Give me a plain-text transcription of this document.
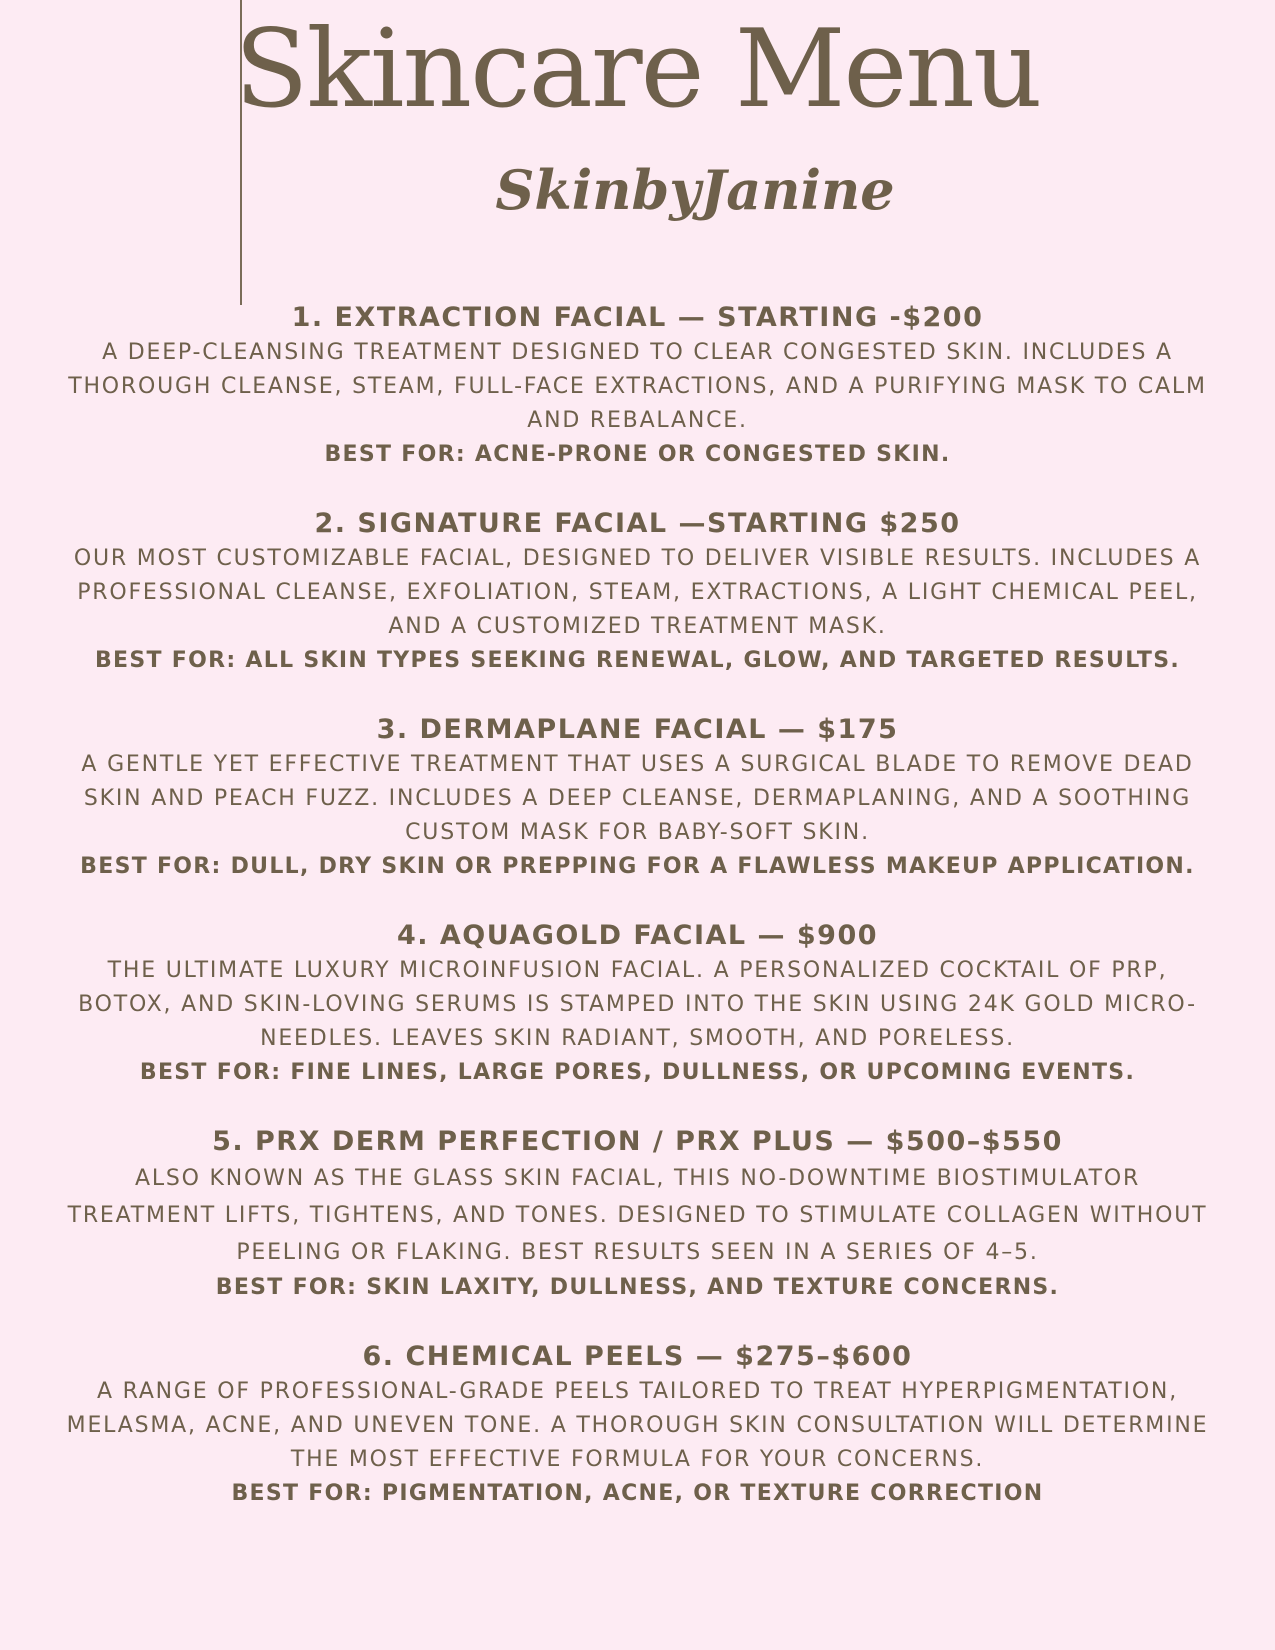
Skincare Menu
SkinbyJanine
1. EXTRACTION FACIAL — STARTING -$200
A DEEP-CLEANSING TREATMENT DESIGNED TO CLEAR CONGESTED SKIN. INCLUDES A THOROUGH CLEANSE, STEAM, FULL-FACE EXTRACTIONS, AND A PURIFYING MASK TO CALM AND REBALANCE.
BEST FOR: ACNE-PRONE OR CONGESTED SKIN.
2. SIGNATURE FACIAL —STARTING $250
OUR MOST CUSTOMIZABLE FACIAL, DESIGNED TO DELIVER VISIBLE RESULTS. INCLUDES A PROFESSIONAL CLEANSE, EXFOLIATION, STEAM, EXTRACTIONS, A LIGHT CHEMICAL PEEL, AND A CUSTOMIZED TREATMENT MASK.
BEST FOR: ALL SKIN TYPES SEEKING RENEWAL, GLOW, AND TARGETED RESULTS.
3. DERMAPLANE FACIAL — $175
A GENTLE YET EFFECTIVE TREATMENT THAT USES A SURGICAL BLADE TO REMOVE DEAD SKIN AND PEACH FUZZ. INCLUDES A DEEP CLEANSE, DERMAPLANING, AND A SOOTHING CUSTOM MASK FOR BABY-SOFT SKIN.
BEST FOR: DULL, DRY SKIN OR PREPPING FOR A FLAWLESS MAKEUP APPLICATION.
4. AQUAGOLD FACIAL — $900
THE ULTIMATE LUXURY MICROINFUSION FACIAL. A PERSONALIZED COCKTAIL OF PRP, BOTOX, AND SKIN-LOVING SERUMS IS STAMPED INTO THE SKIN USING 24K GOLD MICRO-NEEDLES. LEAVES SKIN RADIANT, SMOOTH, AND PORELESS.
BEST FOR: FINE LINES, LARGE PORES, DULLNESS, OR UPCOMING EVENTS.
5. PRX DERM PERFECTION / PRX PLUS — $500–$550
ALSO KNOWN AS THE GLASS SKIN FACIAL, THIS NO-DOWNTIME BIOSTIMULATOR TREATMENT LIFTS, TIGHTENS, AND TONES. DESIGNED TO STIMULATE COLLAGEN WITHOUT PEELING OR FLAKING. BEST RESULTS SEEN IN A SERIES OF 4–5.
BEST FOR: SKIN LAXITY, DULLNESS, AND TEXTURE CONCERNS.
6. CHEMICAL PEELS — $275–$600
A RANGE OF PROFESSIONAL-GRADE PEELS TAILORED TO TREAT HYPERPIGMENTATION, MELASMA, ACNE, AND UNEVEN TONE. A THOROUGH SKIN CONSULTATION WILL DETERMINE THE MOST EFFECTIVE FORMULA FOR YOUR CONCERNS.
BEST FOR: PIGMENTATION, ACNE, OR TEXTURE CORRECTION
